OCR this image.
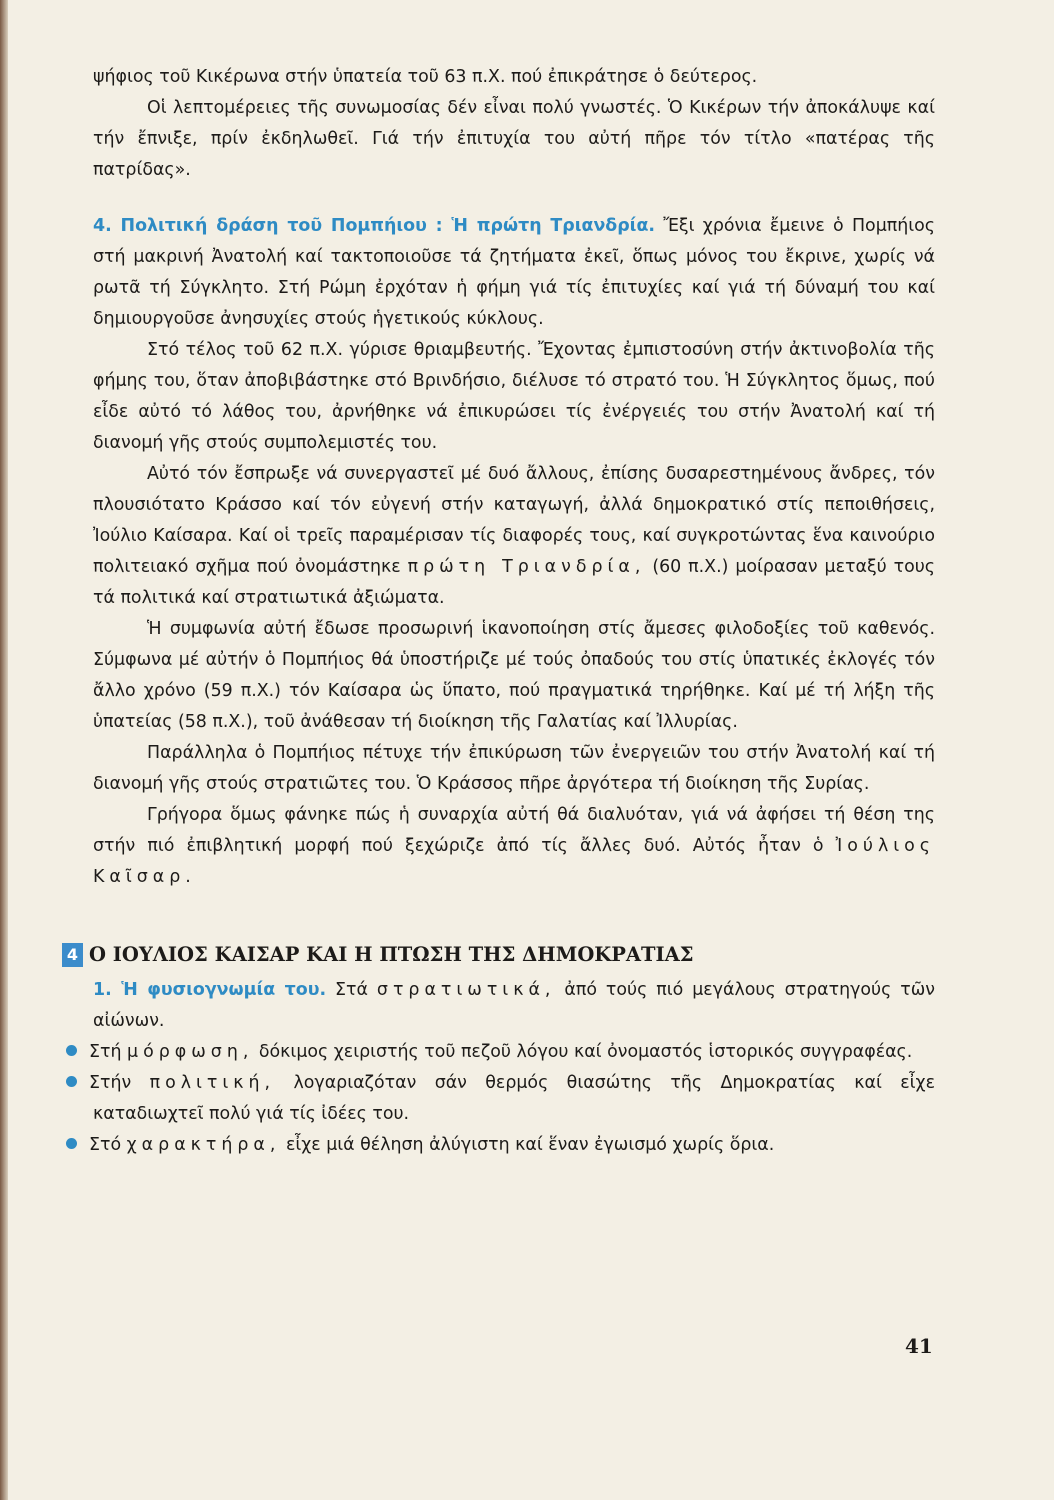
ψήφιος τοῦ Κικέρωνα στήν ὑπατεία τοῦ 63 π.Χ. πού ἐπικράτησε ὁ δεύτερος.

Οἱ λεπτομέρειες τῆς συνωμοσίας δέν εἶναι πολύ γνωστές. Ὁ Κικέρων τήν ἀποκάλυψε καί τήν ἔπνιξε, πρίν ἐκδηλωθεῖ. Γιά τήν ἐπιτυχία του αὐτή πῆρε τόν τίτλο «πατέρας τῆς πατρίδας».

4. Πολιτική δράση τοῦ Πομπήιου : Ἡ πρώτη Τριανδρία. Ἔξι χρόνια ἔμεινε ὁ Πομπήιος στή μακρινή Ἀνατολή καί τακτοποιοῦσε τά ζητήματα ἐκεῖ, ὅπως μόνος του ἔκρινε, χωρίς νά ρωτᾶ τή Σύγκλητο. Στή Ρώμη ἐρχόταν ἡ φήμη γιά τίς ἐπιτυχίες καί γιά τή δύναμή του καί δημιουργοῦσε ἀνησυχίες στούς ἡγετικούς κύκλους.

Στό τέλος τοῦ 62 π.Χ. γύρισε θριαμβευτής. Ἔχοντας ἐμπιστοσύνη στήν ἀκτινοβολία τῆς φήμης του, ὅταν ἀποβιβάστηκε στό Βρινδήσιο, διέλυσε τό στρατό του. Ἡ Σύγκλητος ὅμως, πού εἶδε αὐτό τό λάθος του, ἀρνήθηκε νά ἐπικυρώσει τίς ἐνέργειές του στήν Ἀνατολή καί τή διανομή γῆς στούς συμπολεμιστές του.

Αὐτό τόν ἔσπρωξε νά συνεργαστεῖ μέ δυό ἄλλους, ἐπίσης δυσαρεστημένους ἄνδρες, τόν πλουσιότατο Κράσσο καί τόν εὐγενή στήν καταγωγή, ἀλλά δημοκρατικό στίς πεποιθήσεις, Ἰούλιο Καίσαρα. Καί οἱ τρεῖς παραμέρισαν τίς διαφορές τους, καί συγκροτώντας ἕνα καινούριο πολιτειακό σχῆμα πού ὀνομάστηκε πρώτη Τριανδρία, (60 π.Χ.) μοίρασαν μεταξύ τους τά πολιτικά καί στρατιωτικά ἀξιώματα.

Ἡ συμφωνία αὐτή ἔδωσε προσωρινή ἱκανοποίηση στίς ἄμεσες φιλοδοξίες τοῦ καθενός. Σύμφωνα μέ αὐτήν ὁ Πομπήιος θά ὑποστήριζε μέ τούς ὀπαδούς του στίς ὑπατικές ἐκλογές τόν ἄλλο χρόνο (59 π.Χ.) τόν Καίσαρα ὡς ὕπατο, πού πραγματικά τηρήθηκε. Καί μέ τή λήξη τῆς ὑπατείας (58 π.Χ.), τοῦ ἀνάθεσαν τή διοίκηση τῆς Γαλατίας καί Ἰλλυρίας.

Παράλληλα ὁ Πομπήιος πέτυχε τήν ἐπικύρωση τῶν ἐνεργειῶν του στήν Ἀνατολή καί τή διανομή γῆς στούς στρατιῶτες του. Ὁ Κράσσος πῆρε ἀργότερα τή διοίκηση τῆς Συρίας.

Γρήγορα ὅμως φάνηκε πώς ἡ συναρχία αὐτή θά διαλυόταν, γιά νά ἀφήσει τή θέση της στήν πιό ἐπιβλητική μορφή πού ξεχώριζε ἀπό τίς ἄλλες δυό. Αὐτός ἦταν ὁ Ἰούλιος Καῖσαρ.

4 Ο ΙΟΥΛΙΟΣ ΚΑΙΣΑΡ ΚΑΙ Η ΠΤΩΣΗ ΤΗΣ ΔΗΜΟΚΡΑΤΙΑΣ

1. Ἡ φυσιογνωμία του. Στά στρατιωτικά, ἀπό τούς πιό μεγάλους στρατηγούς τῶν αἰώνων.

Στή μόρφωση, δόκιμος χειριστής τοῦ πεζοῦ λόγου καί ὀνομαστός ἱστορικός συγγραφέας.

Στήν πολιτική, λογαριαζόταν σάν θερμός θιασώτης τῆς Δημοκρατίας καί εἶχε καταδιωχτεῖ πολύ γιά τίς ἰδέες του.

Στό χαρακτήρα, εἶχε μιά θέληση ἀλύγιστη καί ἕναν ἐγωισμό χωρίς ὅρια.

41
